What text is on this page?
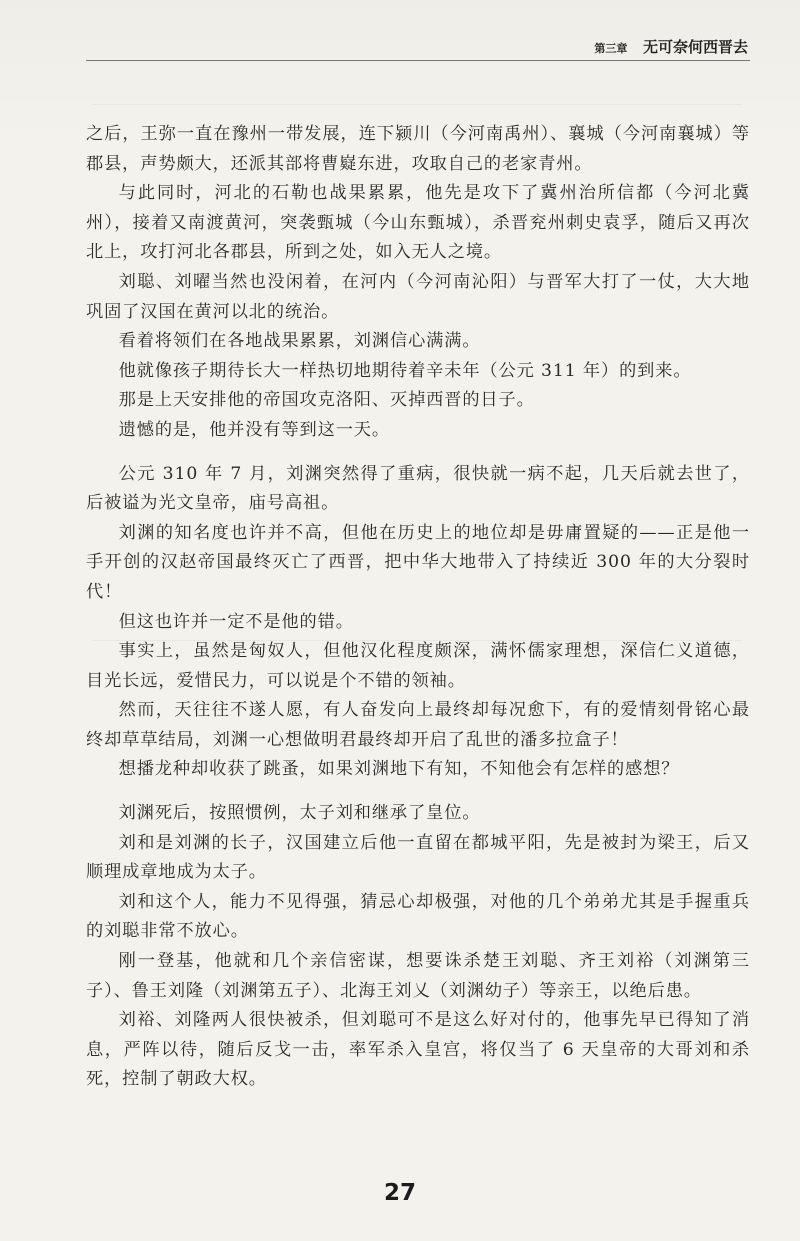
第三章 无可奈何西晋去

之后，王弥一直在豫州一带发展，连下颍川（今河南禹州）、襄城（今河南襄城）等郡县，声势颇大，还派其部将曹嶷东进，攻取自己的老家青州。

与此同时，河北的石勒也战果累累，他先是攻下了冀州治所信都（今河北冀州），接着又南渡黄河，突袭甄城（今山东甄城），杀晋兖州刺史袁孚，随后又再次北上，攻打河北各郡县，所到之处，如入无人之境。

刘聪、刘曜当然也没闲着，在河内（今河南沁阳）与晋军大打了一仗，大大地巩固了汉国在黄河以北的统治。

看着将领们在各地战果累累，刘渊信心满满。

他就像孩子期待长大一样热切地期待着辛未年（公元 311 年）的到来。

那是上天安排他的帝国攻克洛阳、灭掉西晋的日子。

遗憾的是，他并没有等到这一天。

公元 310 年 7 月，刘渊突然得了重病，很快就一病不起，几天后就去世了，后被谥为光文皇帝，庙号高祖。

刘渊的知名度也许并不高，但他在历史上的地位却是毋庸置疑的——正是他一手开创的汉赵帝国最终灭亡了西晋，把中华大地带入了持续近 300 年的大分裂时代！

但这也许并一定不是他的错。

事实上，虽然是匈奴人，但他汉化程度颇深，满怀儒家理想，深信仁义道德，目光长远，爱惜民力，可以说是个不错的领袖。

然而，天往往不遂人愿，有人奋发向上最终却每况愈下，有的爱情刻骨铭心最终却草草结局，刘渊一心想做明君最终却开启了乱世的潘多拉盒子！

想播龙种却收获了跳蚤，如果刘渊地下有知，不知他会有怎样的感想？

刘渊死后，按照惯例，太子刘和继承了皇位。

刘和是刘渊的长子，汉国建立后他一直留在都城平阳，先是被封为梁王，后又顺理成章地成为太子。

刘和这个人，能力不见得强，猜忌心却极强，对他的几个弟弟尤其是手握重兵的刘聪非常不放心。

刚一登基，他就和几个亲信密谋，想要诛杀楚王刘聪、齐王刘裕（刘渊第三子）、鲁王刘隆（刘渊第五子）、北海王刘乂（刘渊幼子）等亲王，以绝后患。

刘裕、刘隆两人很快被杀，但刘聪可不是这么好对付的，他事先早已得知了消息，严阵以待，随后反戈一击，率军杀入皇宫，将仅当了 6 天皇帝的大哥刘和杀死，控制了朝政大权。

27
